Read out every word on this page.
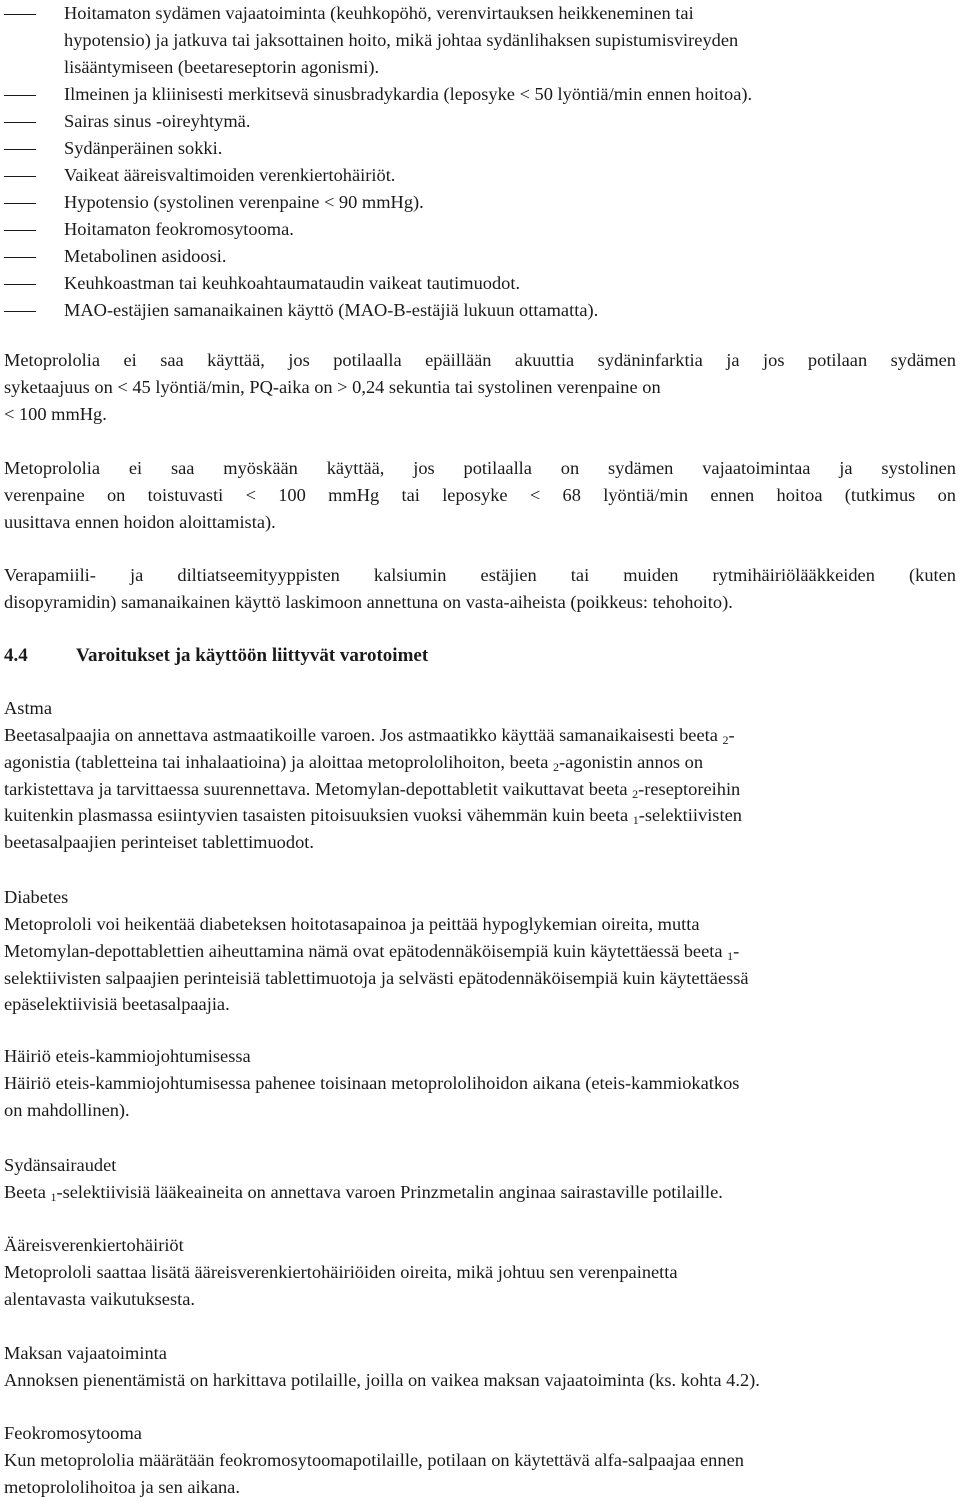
Hoitamaton sydämen vajaatoiminta (keuhkopöhö, verenvirtauksen heikkeneminen tai
hypotensio) ja jatkuva tai jaksottainen hoito, mikä johtaa sydänlihaksen supistumisvireyden
lisääntymiseen (beetareseptorin agonismi).
Ilmeinen ja kliinisesti merkitsevä sinusbradykardia (leposyke < 50 lyöntiä/min ennen hoitoa).
Sairas sinus -oireyhtymä.
Sydänperäinen sokki.
Vaikeat ääreisvaltimoiden verenkiertohäiriöt.
Hypotensio (systolinen verenpaine < 90 mmHg).
Hoitamaton feokromosytooma.
Metabolinen asidoosi.
Keuhkoastman tai keuhkoahtaumataudin vaikeat tautimuodot.
MAO-estäjien samanaikainen käyttö (MAO-B-estäjiä lukuun ottamatta).
Metoprololia ei saa käyttää, jos potilaalla epäillään akuuttia sydäninfarktia ja jos potilaan sydämen
syketaajuus on < 45 lyöntiä/min, PQ-aika on > 0,24 sekuntia tai systolinen verenpaine on
< 100 mmHg.
Metoprololia ei saa myöskään käyttää, jos potilaalla on sydämen vajaatoimintaa ja systolinen
verenpaine on toistuvasti < 100 mmHg tai leposyke < 68 lyöntiä/min ennen hoitoa (tutkimus on
uusittava ennen hoidon aloittamista).
Verapamiili- ja diltiatseemityyppisten kalsiumin estäjien tai muiden rytmihäiriölääkkeiden (kuten
disopyramidin) samanaikainen käyttö laskimoon annettuna on vasta-aiheista (poikkeus: tehohoito).
4.4	Varoitukset ja käyttöön liittyvät varotoimet
Astma
Beetasalpaajia on annettava astmaatikoille varoen. Jos astmaatikko käyttää samanaikaisesti beeta $_2$-
agonistia (tabletteina tai inhalaatioina) ja aloittaa metoprololihoiton, beeta $_2$-agonistin annos on
tarkistettava ja tarvittaessa suurennettava. Metomylan-depottabletit vaikuttavat beeta $_2$-reseptoreihin
kuitenkin plasmassa esiintyvien tasaisten pitoisuuksien vuoksi vähemmän kuin beeta $_1$-selektiivisten
beetasalpaajien perinteiset tablettimuodot.
Diabetes
Metoprololi voi heikentää diabeteksen hoitotasapainoa ja peittää hypoglykemian oireita, mutta
Metomylan-depottablettien aiheuttamina nämä ovat epätodennäköisempiä kuin käytettäessä beeta $_1$-
selektiivisten salpaajien perinteisiä tablettimuotoja ja selvästi epätodennäköisempiä kuin käytettäessä
epäselektiivisiä beetasalpaajia.
Häiriö eteis-kammiojohtumisessa
Häiriö eteis-kammiojohtumisessa pahenee toisinaan metoprololihoidon aikana (eteis-kammiokatkos
on mahdollinen).
Sydänsairaudet
Beeta $_1$-selektiivisiä lääkeaineita on annettava varoen Prinzmetalin anginaa sairastaville potilaille.
Ääreisverenkiertohäiriöt
Metoprololi saattaa lisätä ääreisverenkiertohäiriöiden oireita, mikä johtuu sen verenpainetta
alentavasta vaikutuksesta.
Maksan vajaatoiminta
Annoksen pienentämistä on harkittava potilaille, joilla on vaikea maksan vajaatoiminta (ks. kohta 4.2).
Feokromosytooma
Kun metoprololia määrätään feokromosytoomapotilaille, potilaan on käytettävä alfa-salpaajaa ennen
metoprololihoitoa ja sen aikana.
